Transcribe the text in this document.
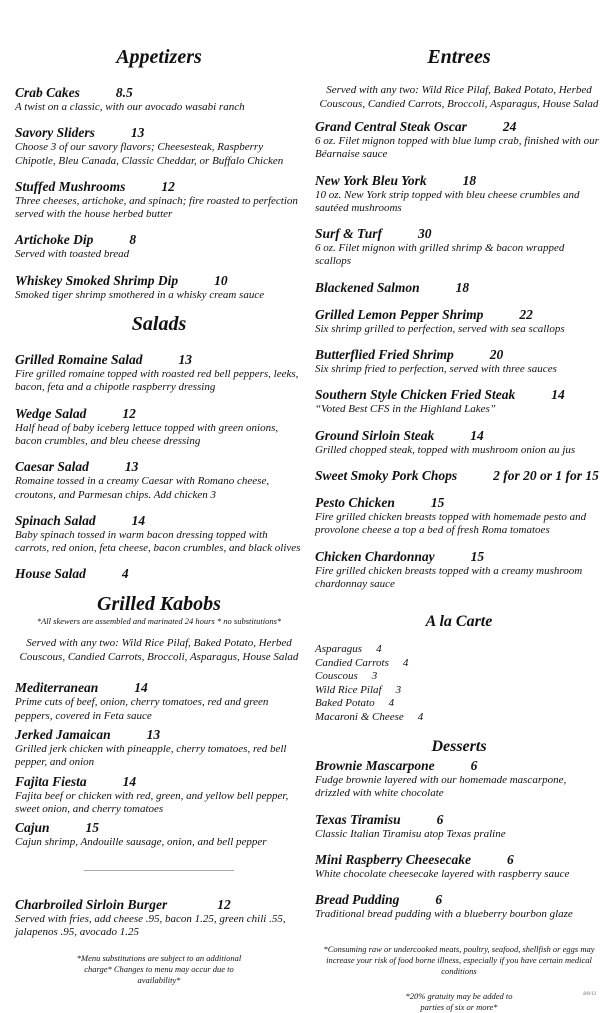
Appetizers
Crab Cakes	8.5
A twist on a classic, with our avocado wasabi ranch
Savory Sliders	13
Choose 3 of our savory flavors; Cheesesteak, Raspberry Chipotle, Bleu Canada, Classic Cheddar, or Buffalo Chicken
Stuffed Mushrooms	12
Three cheeses, artichoke, and spinach; fire roasted to perfection served with the house herbed butter
Artichoke Dip	8
Served with toasted bread
Whiskey Smoked Shrimp Dip	10
Smoked tiger shrimp smothered in a whisky cream sauce
Salads
Grilled Romaine Salad	13
Fire grilled romaine topped with roasted red bell peppers, leeks, bacon, feta and a chipotle raspberry dressing
Wedge Salad	12
Half head of baby iceberg lettuce topped with green onions, bacon crumbles, and bleu cheese dressing
Caesar Salad	13
Romaine tossed in a creamy Caesar with Romano cheese, croutons, and Parmesan chips. Add chicken 3
Spinach Salad	14
Baby spinach tossed in warm bacon dressing topped with carrots, red onion, feta cheese, bacon crumbles, and black olives
House Salad	4
Grilled Kabobs
*All skewers are assembled and marinated 24 hours * no substitutions*
Served with any two: Wild Rice Pilaf, Baked Potato, Herbed Couscous, Candied Carrots, Broccoli, Asparagus, House Salad
Mediterranean	14
Prime cuts of beef, onion, cherry tomatoes, red and green peppers, covered in Feta sauce
Jerked Jamaican	13
Grilled jerk chicken with pineapple, cherry tomatoes, red bell pepper, and onion
Fajita Fiesta	14
Fajita beef or chicken with red, green, and yellow bell pepper, sweet onion, and cherry tomatoes
Cajun	15
Cajun shrimp, Andouille sausage, onion, and bell pepper
Charbroiled Sirloin Burger	12
Served with fries, add cheese .95, bacon 1.25, green chili .55, jalapenos .95, avocado 1.25
*Menu substitutions are subject to an additional charge* Changes to menu may occur due to availability*
Entrees
Served with any two: Wild Rice Pilaf, Baked Potato, Herbed Couscous, Candied Carrots, Broccoli, Asparagus, House Salad
Grand Central Steak Oscar	24
6 oz. Filet mignon topped with blue lump crab, finished with our Béarnaise sauce
New York Bleu York	18
10 oz. New York strip topped with bleu cheese crumbles and sautéed mushrooms
Surf & Turf	30
6 oz. Filet mignon with grilled shrimp & bacon wrapped scallops
Blackened Salmon	18
Grilled Lemon Pepper Shrimp	22
Six shrimp grilled to perfection, served with sea scallops
Butterflied Fried Shrimp	20
Six shrimp fried to perfection, served with three sauces
Southern Style Chicken Fried Steak	14
“Voted Best CFS in the Highland Lakes”
Ground Sirloin Steak	14
Grilled chopped steak, topped with mushroom onion au jus
Sweet Smoky Pork Chops	2 for 20 or 1 for 15
Pesto Chicken	15
Fire grilled chicken breasts topped with homemade pesto and provolone cheese a top a bed of fresh Roma tomatoes
Chicken Chardonnay	15
Fire grilled chicken breasts topped with a creamy mushroom chardonnay sauce
A la Carte
Asparagus 4
Candied Carrots 4
Couscous 3
Wild Rice Pilaf 3
Baked Potato 4
Macaroni & Cheese 4
Desserts
Brownie Mascarpone	6
Fudge brownie layered with our homemade mascarpone, drizzled with white chocolate
Texas Tiramisu	6
Classic Italian Tiramisu atop Texas praline
Mini Raspberry Cheesecake	6
White chocolate cheesecake layered with raspberry sauce
Bread Pudding	6
Traditional bread pudding with a blueberry bourbon glaze
*Consuming raw or undercooked meats, poultry, seafood, shellfish or eggs may increase your risk of food borne illness, especially if you have certain medical conditions
*20% gratuity may be added to parties of six or more*
8/8/13
